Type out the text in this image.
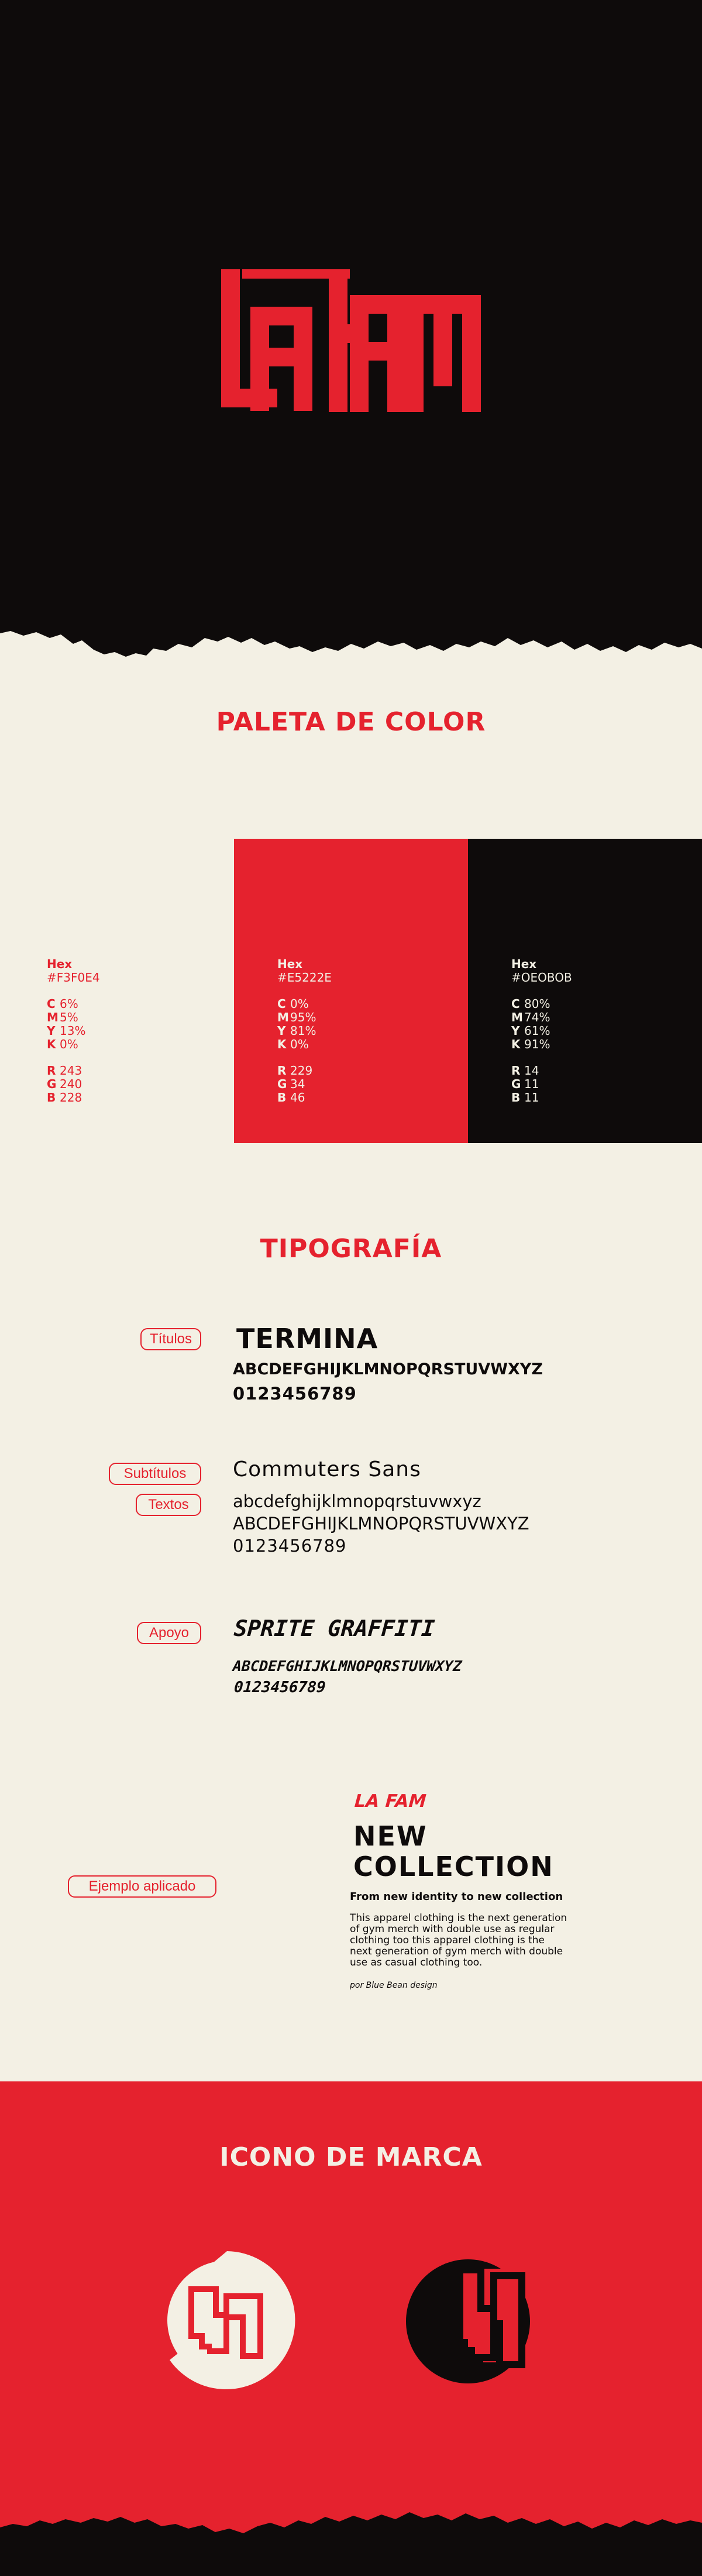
PALETA DE COLOR
Hex
#F3F0E4
C 6%
M 5%
Y 13%
K 0%
R 243
G 240
B 228
Hex
#E5222E
C 0%
M 95%
Y 81%
K 0%
R 229
G 34
B 46
Hex
#OEOBOB
C 80%
M 74%
Y 61%
K 91%
R 14
G 11
B 11
TIPOGRAFÍA
Títulos	TERMINA
ABCDEFGHIJKLMNOPQRSTUVWXYZ
0123456789
Subtítulos
Textos
Commuters Sans
abcdefghijklmnopqrstuvwxyz
ABCDEFGHIJKLMNOPQRSTUVWXYZ
0123456789
Apoyo	SPRITE GRAFFITI
ABCDEFGHIJKLMNOPQRSTUVWXYZ
0123456789
Ejemplo aplicado
LA FAM
NEW
COLLECTION
From new identity to new collection
This apparel clothing is the next generation
of gym merch with double use as regular
clothing too this apparel clothing is the
next generation of gym merch with double
use as casual clothing too.
por Blue Bean design
ICONO DE MARCA
